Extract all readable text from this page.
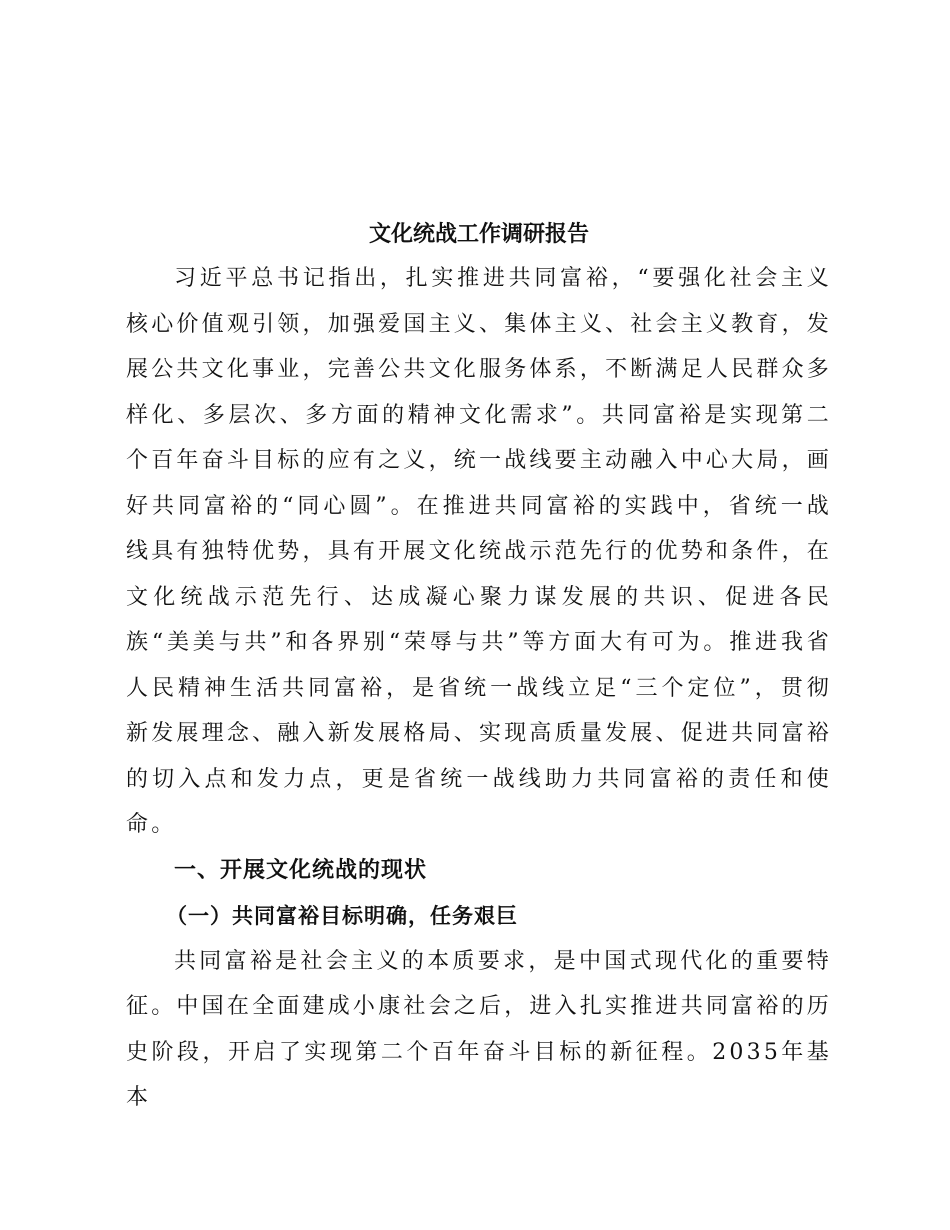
文化统战工作调研报告

习近平总书记指出，扎实推进共同富裕，“要强化社会主义核心价值观引领，加强爱国主义、集体主义、社会主义教育，发展公共文化事业，完善公共文化服务体系，不断满足人民群众多样化、多层次、多方面的精神文化需求”。共同富裕是实现第二个百年奋斗目标的应有之义，统一战线要主动融入中心大局，画好共同富裕的“同心圆”。在推进共同富裕的实践中，省统一战线具有独特优势，具有开展文化统战示范先行的优势和条件，在文化统战示范先行、达成凝心聚力谋发展的共识、促进各民族“美美与共”和各界别“荣辱与共”等方面大有可为。推进我省人民精神生活共同富裕，是省统一战线立足“三个定位”，贯彻新发展理念、融入新发展格局、实现高质量发展、促进共同富裕的切入点和发力点，更是省统一战线助力共同富裕的责任和使命。

一、开展文化统战的现状

（一）共同富裕目标明确，任务艰巨

共同富裕是社会主义的本质要求，是中国式现代化的重要特征。中国在全面建成小康社会之后，进入扎实推进共同富裕的历史阶段，开启了实现第二个百年奋斗目标的新征程。2035年基本
